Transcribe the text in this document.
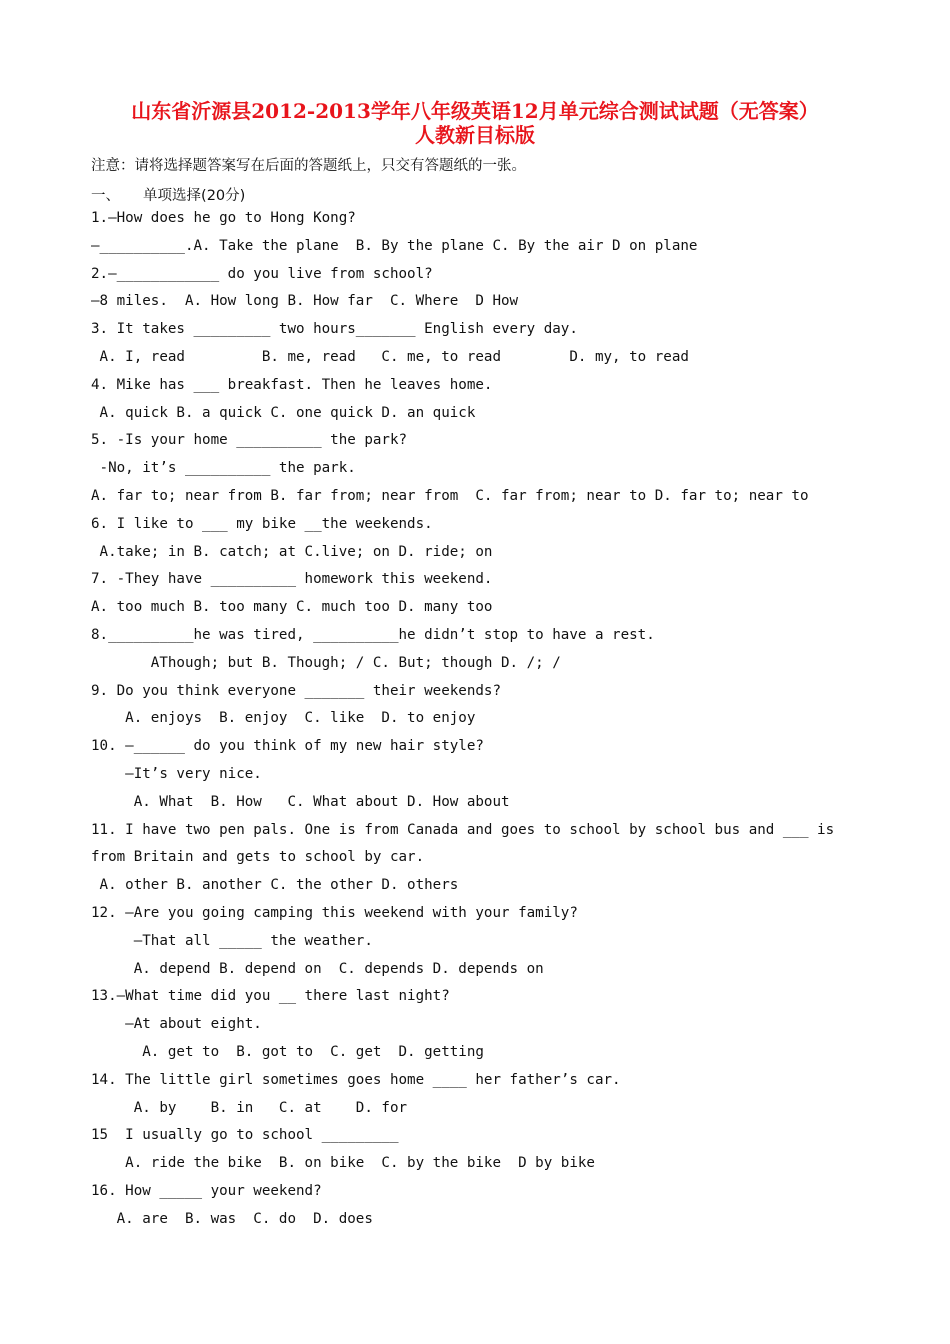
山东省沂源县2012-2013学年八年级英语12月单元综合测试试题（无答案）
人教新目标版
注意：请将选择题答案写在后面的答题纸上，只交有答题纸的一张。
一、     单项选择(20分)
1.—How does he go to Hong Kong?
—__________.A. Take the plane  B. By the plane C. By the air D on plane
2.—____________ do you live from school?
—8 miles.  A. How long B. How far  C. Where  D How
3. It takes _________ two hours_______ English every day.
A. I, read         B. me, read   C. me, to read        D. my, to read
4. Mike has ___ breakfast. Then he leaves home.
A. quick B. a quick C. one quick D. an quick
5. -Is your home __________ the park?
-No, it’s __________ the park.
A. far to; near from B. far from; near from  C. far from; near to D. far to; near to
6. I like to ___ my bike __the weekends.
A.take; in B. catch; at C.live; on D. ride; on
7. -They have __________ homework this weekend.
A. too much B. too many C. much too D. many too
8.__________he was tired, __________he didn’t stop to have a rest.
AThough; but B. Though; / C. But; though D. /; /
9. Do you think everyone _______ their weekends?
A. enjoys  B. enjoy  C. like  D. to enjoy
10. —______ do you think of my new hair style?
—It’s very nice.
A. What  B. How   C. What about D. How about
11. I have two pen pals. One is from Canada and goes to school by school bus and ___ is
from Britain and gets to school by car.
A. other B. another C. the other D. others
12. —Are you going camping this weekend with your family?
—That all _____ the weather.
A. depend B. depend on  C. depends D. depends on
13.—What time did you __ there last night?
—At about eight.
A. get to  B. got to  C. get  D. getting
14. The little girl sometimes goes home ____ her father’s car.
A. by    B. in   C. at    D. for
15  I usually go to school _________
A. ride the bike  B. on bike  C. by the bike  D by bike
16. How _____ your weekend?
A. are  B. was  C. do  D. does
